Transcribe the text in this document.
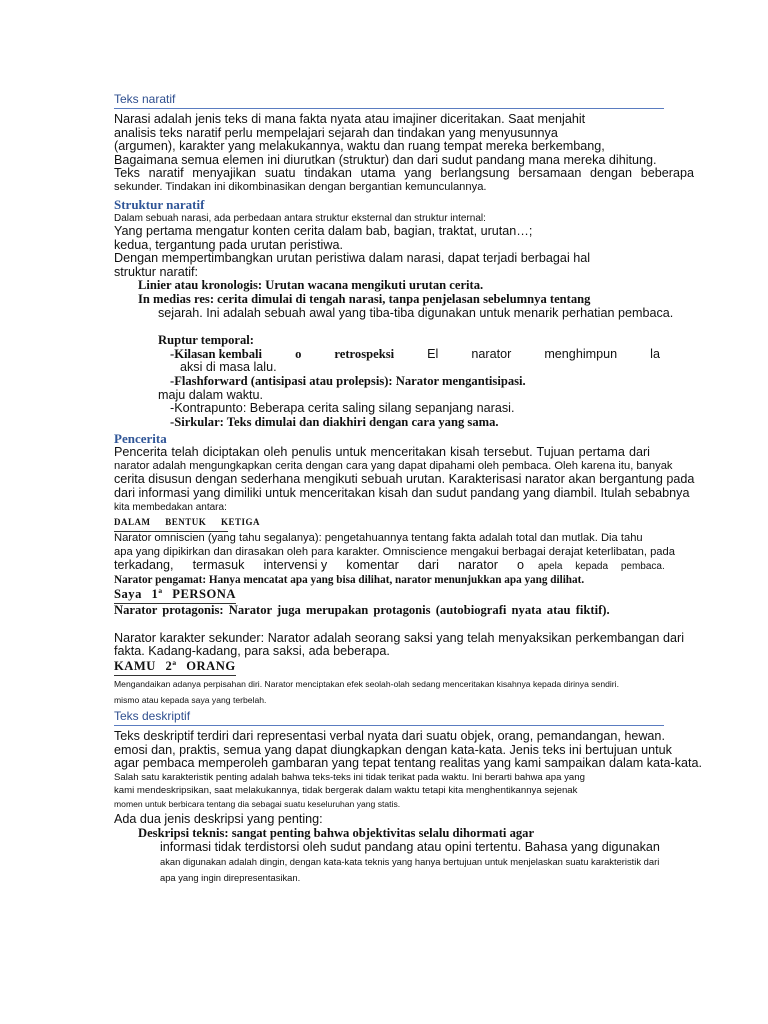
Teks naratif

Narasi adalah jenis teks di mana fakta nyata atau imajiner diceritakan. Saat menjahit

analisis teks naratif perlu mempelajari sejarah dan tindakan yang menyusunnya

(argumen), karakter yang melakukannya, waktu dan ruang tempat mereka berkembang,

Bagaimana semua elemen ini diurutkan (struktur) dan dari sudut pandang mana mereka dihitung.

Teks naratif menyajikan suatu tindakan utama yang berlangsung bersamaan dengan beberapa

sekunder. Tindakan ini dikombinasikan dengan bergantian kemunculannya.

Struktur naratif

Dalam sebuah narasi, ada perbedaan antara struktur eksternal dan struktur internal:

Yang pertama mengatur konten cerita dalam bab, bagian, traktat, urutan…;

kedua, tergantung pada urutan peristiwa.

Dengan mempertimbangkan urutan peristiwa dalam narasi, dapat terjadi berbagai hal

struktur naratif:

Linier atau kronologis: Urutan wacana mengikuti urutan cerita.

In medias res: cerita dimulai di tengah narasi, tanpa penjelasan sebelumnya tentang

sejarah. Ini adalah sebuah awal yang tiba-tiba digunakan untuk menarik perhatian pembaca.

Ruptur temporal:

-Kilasan kembali	o	retrospeksi	El	narator	menghimpun	la

aksi di masa lalu.

-Flashforward (antisipasi atau prolepsis): Narator mengantisipasi.

maju dalam waktu.

-Kontrapunto: Beberapa cerita saling silang sepanjang narasi.

-Sirkular: Teks dimulai dan diakhiri dengan cara yang sama.

Pencerita

Pencerita telah diciptakan oleh penulis untuk menceritakan kisah tersebut. Tujuan pertama dari

narator adalah mengungkapkan cerita dengan cara yang dapat dipahami oleh pembaca. Oleh karena itu, banyak

cerita disusun dengan sederhana mengikuti sebuah urutan. Karakterisasi narator akan bergantung pada

dari informasi yang dimiliki untuk menceritakan kisah dan sudut pandang yang diambil. Itulah sebabnya

kita membedakan antara:

DALAM BENTUK KETIGA

Narator omniscien (yang tahu segalanya): pengetahuannya tentang fakta adalah total dan mutlak. Dia tahu

apa yang dipikirkan dan dirasakan oleh para karakter. Omniscience mengakui berbagai derajat keterlibatan, pada

terkadang, termasuk intervensi y komentar dari narator o apela kepada pembaca.

Narator pengamat: Hanya mencatat apa yang bisa dilihat, narator menunjukkan apa yang dilihat.

Saya 1ª PERSONA

Narator protagonis: Narator juga merupakan protagonis (autobiografi nyata atau fiktif).

Narator karakter sekunder: Narator adalah seorang saksi yang telah menyaksikan perkembangan dari

fakta. Kadang-kadang, para saksi, ada beberapa.

KAMU 2ª ORANG

Mengandaikan adanya perpisahan diri. Narator menciptakan efek seolah-olah sedang menceritakan kisahnya kepada dirinya sendiri.

mismo atau kepada saya yang terbelah.

Teks deskriptif

Teks deskriptif terdiri dari representasi verbal nyata dari suatu objek, orang, pemandangan, hewan.

emosi dan, praktis, semua yang dapat diungkapkan dengan kata-kata. Jenis teks ini bertujuan untuk

agar pembaca memperoleh gambaran yang tepat tentang realitas yang kami sampaikan dalam kata-kata.

Salah satu karakteristik penting adalah bahwa teks-teks ini tidak terikat pada waktu. Ini berarti bahwa apa yang

kami mendeskripsikan, saat melakukannya, tidak bergerak dalam waktu tetapi kita menghentikannya sejenak

momen untuk berbicara tentang dia sebagai suatu keseluruhan yang statis.

Ada dua jenis deskripsi yang penting:

Deskripsi teknis: sangat penting bahwa objektivitas selalu dihormati agar

informasi tidak terdistorsi oleh sudut pandang atau opini tertentu. Bahasa yang digunakan

akan digunakan adalah dingin, dengan kata-kata teknis yang hanya bertujuan untuk menjelaskan suatu karakteristik dari

apa yang ingin direpresentasikan.
